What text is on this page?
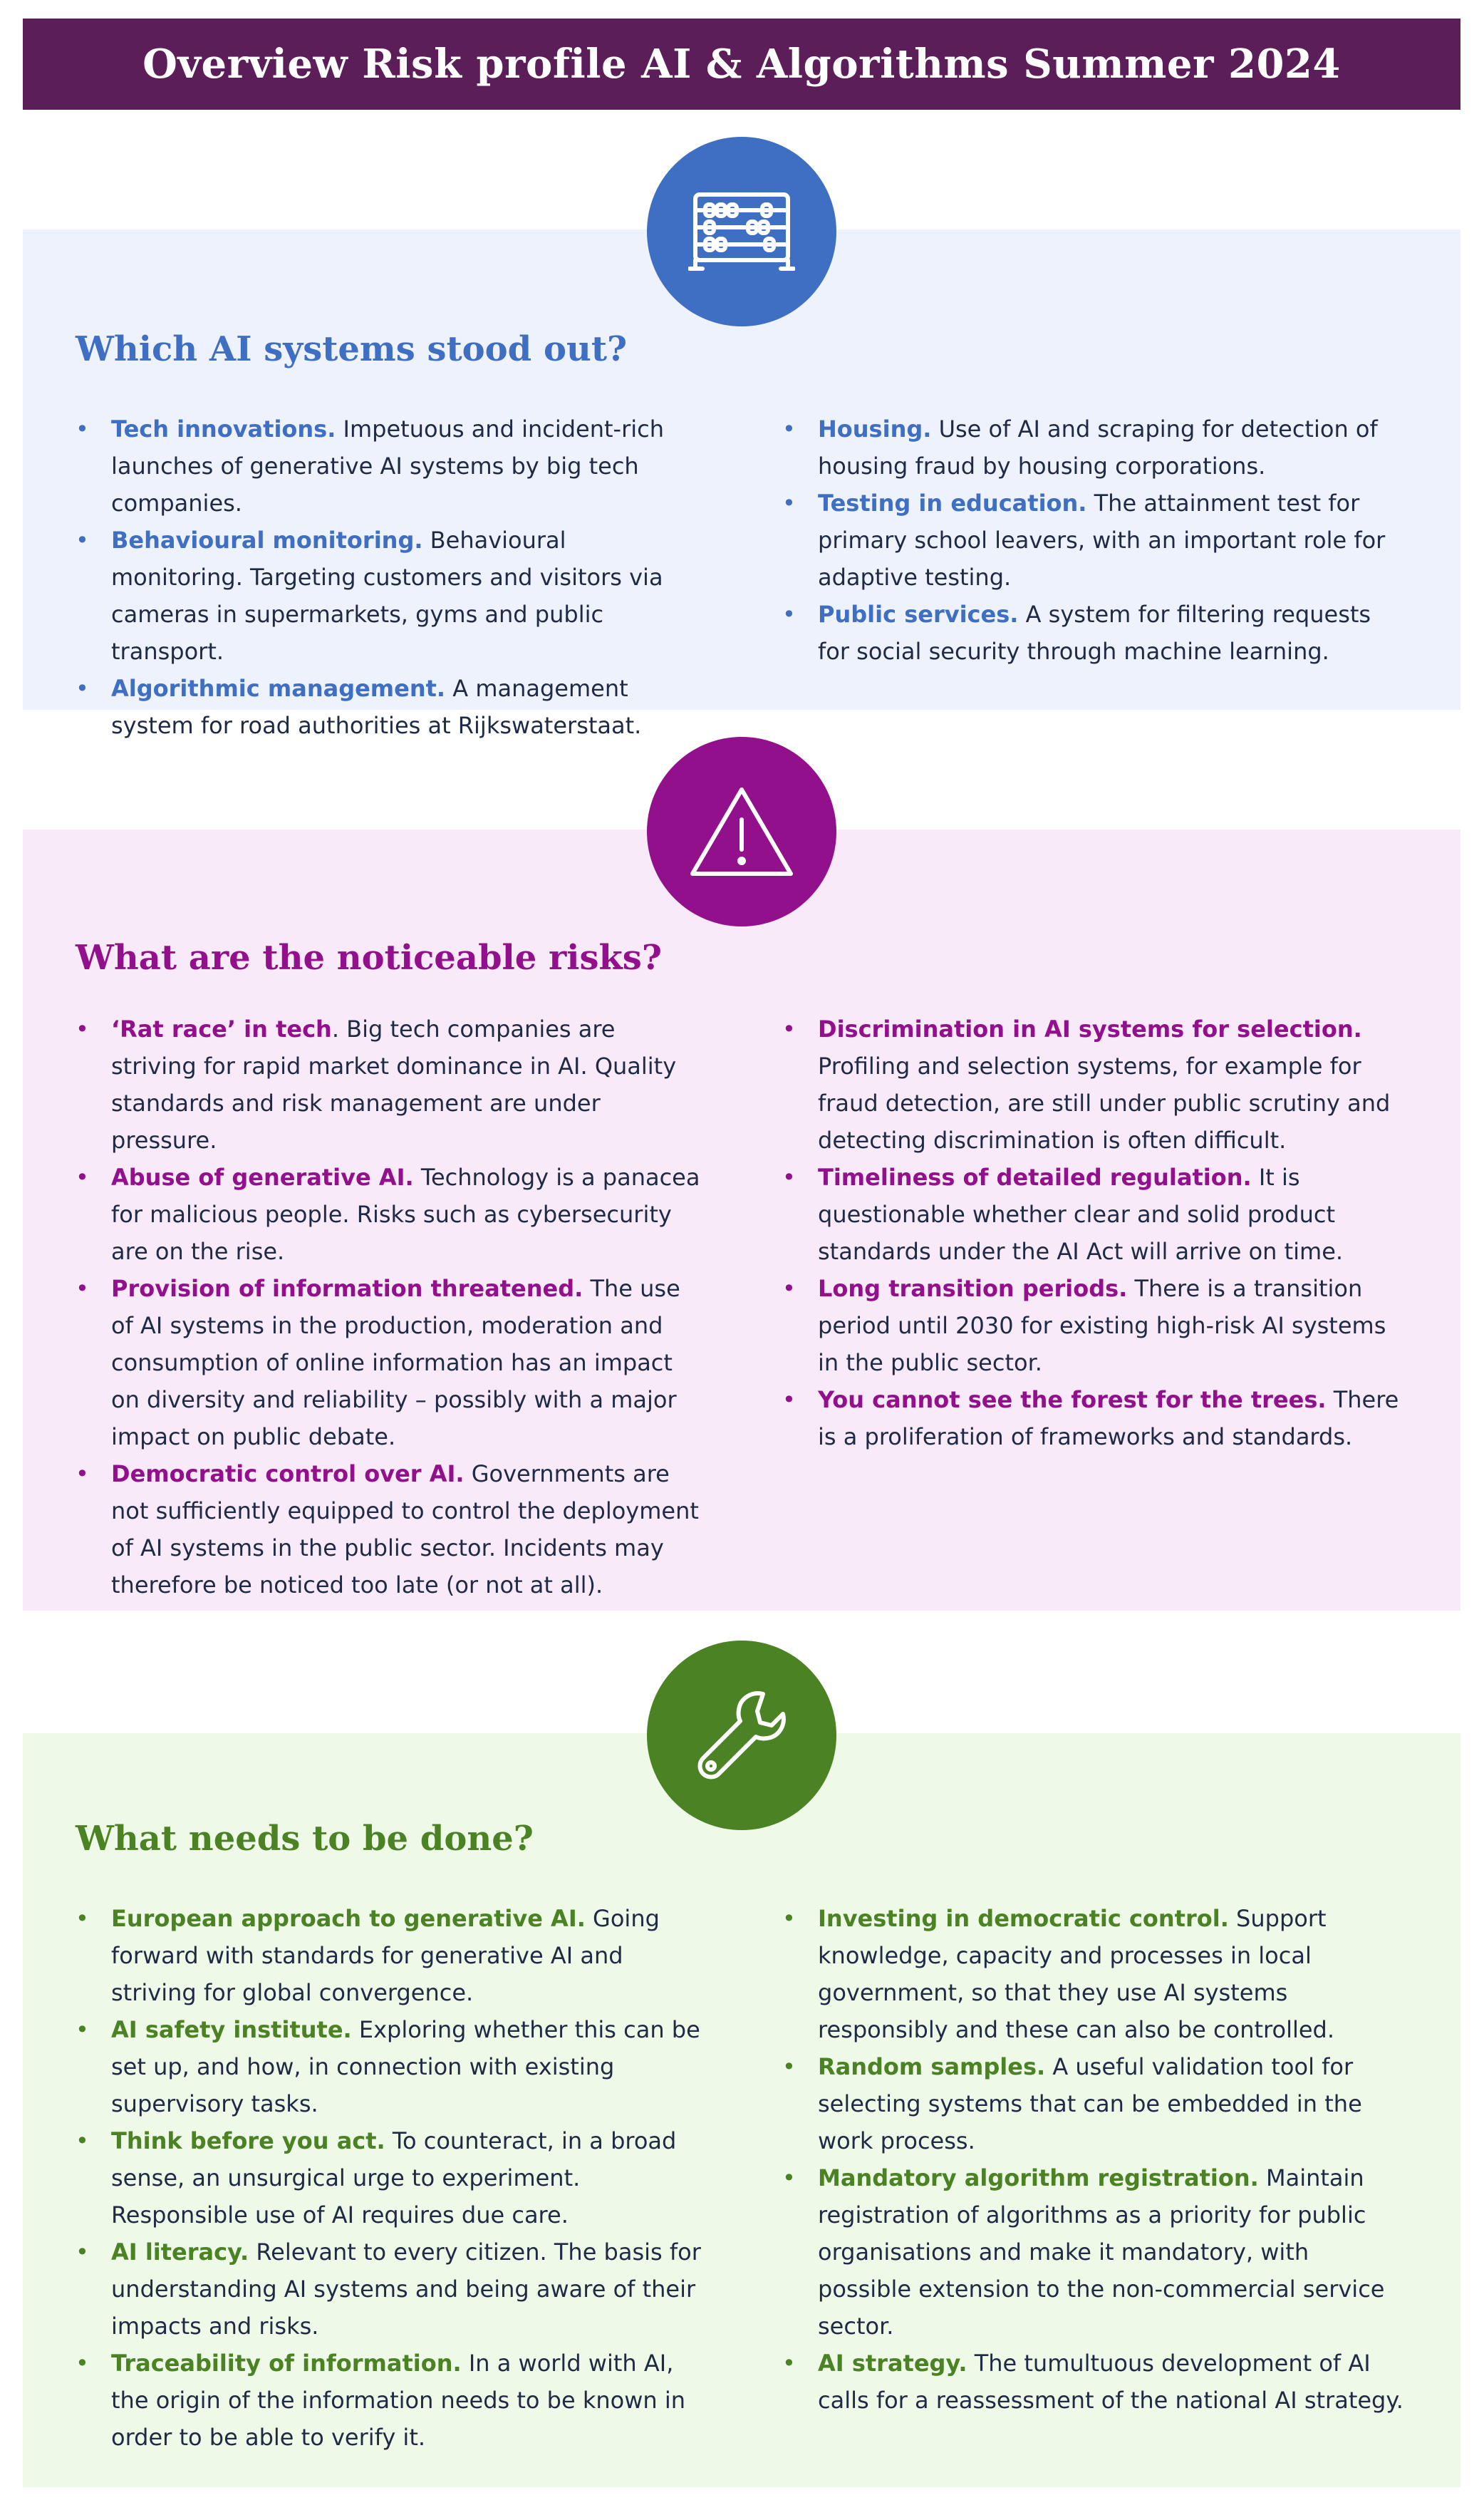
Overview Risk profile AI & Algorithms Summer 2024
Which AI systems stood out?
• Tech innovations. Impetuous and incident-rich launches of generative AI systems by big tech companies.
• Behavioural monitoring. Behavioural monitoring. Targeting customers and visitors via cameras in supermarkets, gyms and public transport.
• Algorithmic management. A management system for road authorities at Rijkswaterstaat.
• Housing. Use of AI and scraping for detection of housing fraud by housing corporations.
• Testing in education. The attainment test for primary school leavers, with an important role for adaptive testing.
• Public services. A system for filtering requests for social security through machine learning.
What are the noticeable risks?
• ‘Rat race’ in tech. Big tech companies are striving for rapid market dominance in AI. Quality standards and risk management are under pressure.
• Abuse of generative AI. Technology is a panacea for malicious people. Risks such as cybersecurity are on the rise.
• Provision of information threatened. The use of AI systems in the production, moderation and consumption of online information has an impact on diversity and reliability – possibly with a major impact on public debate.
• Democratic control over AI. Governments are not sufficiently equipped to control the deployment of AI systems in the public sector. Incidents may therefore be noticed too late (or not at all).
• Discrimination in AI systems for selection. Profiling and selection systems, for example for fraud detection, are still under public scrutiny and detecting discrimination is often difficult.
• Timeliness of detailed regulation. It is questionable whether clear and solid product standards under the AI Act will arrive on time.
• Long transition periods. There is a transition period until 2030 for existing high-risk AI systems in the public sector.
• You cannot see the forest for the trees. There is a proliferation of frameworks and standards.
What needs to be done?
• European approach to generative AI. Going forward with standards for generative AI and striving for global convergence.
• AI safety institute. Exploring whether this can be set up, and how, in connection with existing supervisory tasks.
• Think before you act. To counteract, in a broad sense, an unsurgical urge to experiment. Responsible use of AI requires due care.
• AI literacy. Relevant to every citizen. The basis for understanding AI systems and being aware of their impacts and risks.
• Traceability of information. In a world with AI, the origin of the information needs to be known in order to be able to verify it.
• Investing in democratic control. Support knowledge, capacity and processes in local government, so that they use AI systems responsibly and these can also be controlled.
• Random samples. A useful validation tool for selecting systems that can be embedded in the work process.
• Mandatory algorithm registration. Maintain registration of algorithms as a priority for public organisations and make it mandatory, with possible extension to the non-commercial service sector.
• AI strategy. The tumultuous development of AI calls for a reassessment of the national AI strategy.
